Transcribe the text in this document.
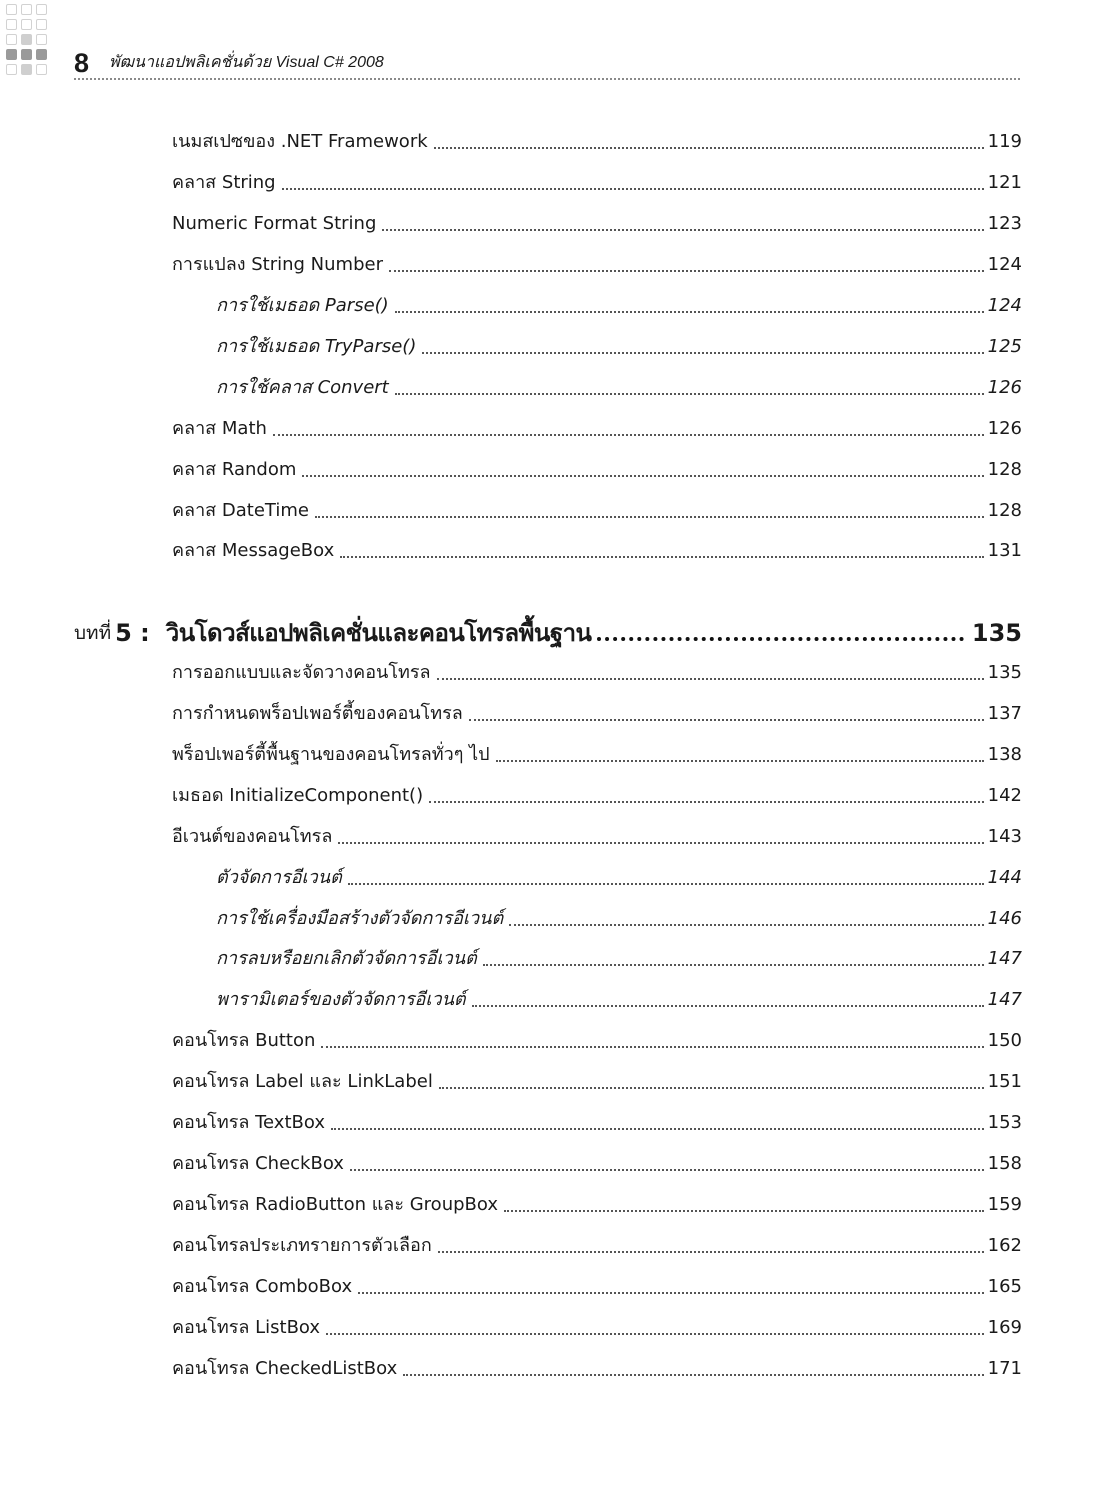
8 พัฒนาแอปพลิเคชั่นด้วย Visual C# 2008
เนมสเปซของ .NET Framework	119
คลาส String	121
Numeric Format String	123
การแปลง String Number	124
การใช้เมธอด Parse()	124
การใช้เมธอด TryParse()	125
การใช้คลาส Convert	126
คลาส Math	126
คลาส Random	128
คลาส DateTime	128
คลาส MessageBox	131
บทที่ 5 : วินโดวส์แอปพลิเคชั่นและคอนโทรลพื้นฐาน	135
การออกแบบและจัดวางคอนโทรล	135
การกำหนดพร็อปเพอร์ตี้ของคอนโทรล	137
พร็อปเพอร์ตี้พื้นฐานของคอนโทรลทั่วๆ ไป	138
เมธอด InitializeComponent()	142
อีเวนต์ของคอนโทรล	143
ตัวจัดการอีเวนต์	144
การใช้เครื่องมือสร้างตัวจัดการอีเวนต์	146
การลบหรือยกเลิกตัวจัดการอีเวนต์	147
พารามิเตอร์ของตัวจัดการอีเวนต์	147
คอนโทรล Button	150
คอนโทรล Label และ LinkLabel	151
คอนโทรล TextBox	153
คอนโทรล CheckBox	158
คอนโทรล RadioButton และ GroupBox	159
คอนโทรลประเภทรายการตัวเลือก	162
คอนโทรล ComboBox	165
คอนโทรล ListBox	169
คอนโทรล CheckedListBox	171
